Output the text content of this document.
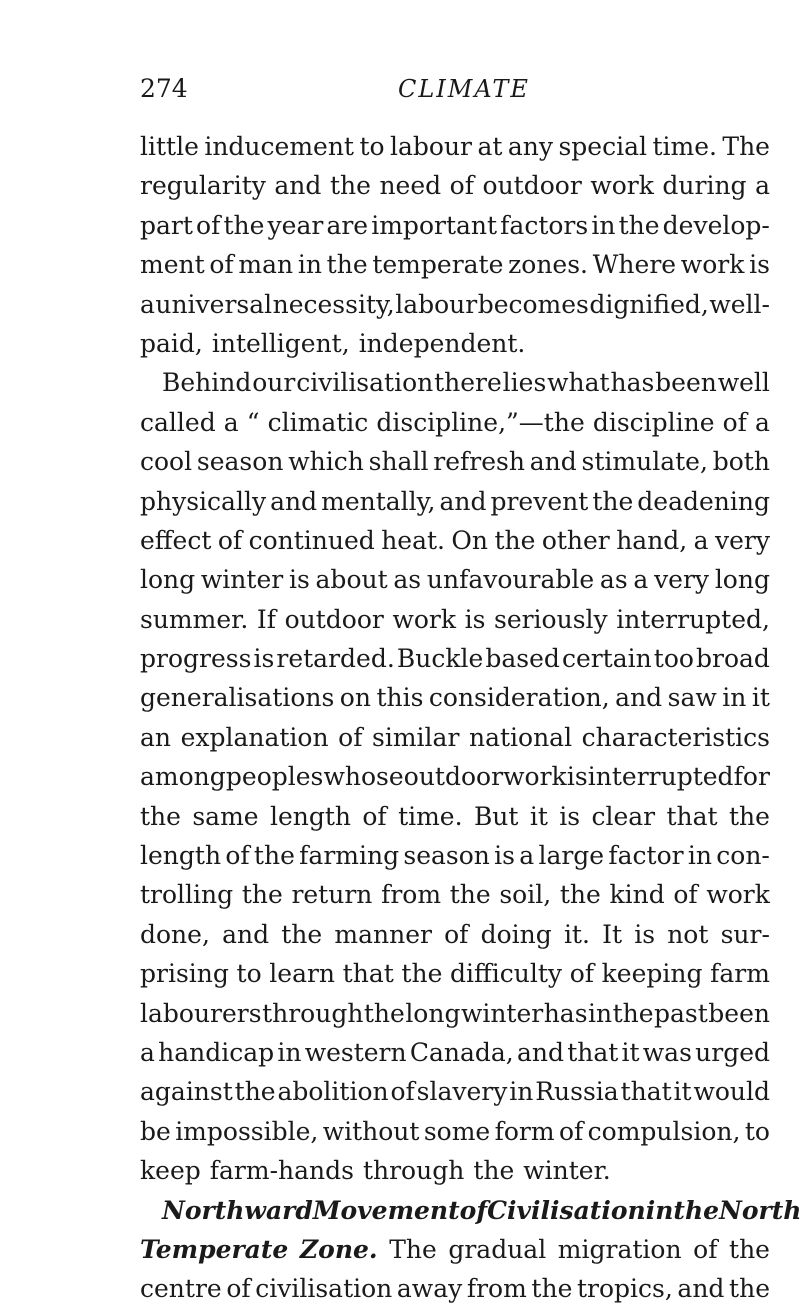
274	CLIMATE
little inducement to labour at any special time. The
regularity and the need of outdoor work during a
part of the year are important factors in the develop-
ment of man in the temperate zones. Where work is
a universal necessity, labour becomes dignified, well-
paid, intelligent, independent.
Behind our civilisation there lies what has been well
called a “ climatic discipline,”—the discipline of a
cool season which shall refresh and stimulate, both
physically and mentally, and prevent the deadening
effect of continued heat. On the other hand, a very
long winter is about as unfavourable as a very long
summer. If outdoor work is seriously interrupted,
progress is retarded. Buckle based certain too broad
generalisations on this consideration, and saw in it
an explanation of similar national characteristics
among peoples whose outdoor work is interrupted for
the same length of time. But it is clear that the
length of the farming season is a large factor in con-
trolling the return from the soil, the kind of work
done, and the manner of doing it. It is not sur-
prising to learn that the difficulty of keeping farm
labourers through the long winter has in the past been
a handicap in western Canada, and that it was urged
against the abolition of slavery in Russia that it would
be impossible, without some form of compulsion, to
keep farm-hands through the winter.
Northward Movement of Civilisation in the North
Temperate Zone. The gradual migration of the
centre of civilisation away from the tropics, and the
